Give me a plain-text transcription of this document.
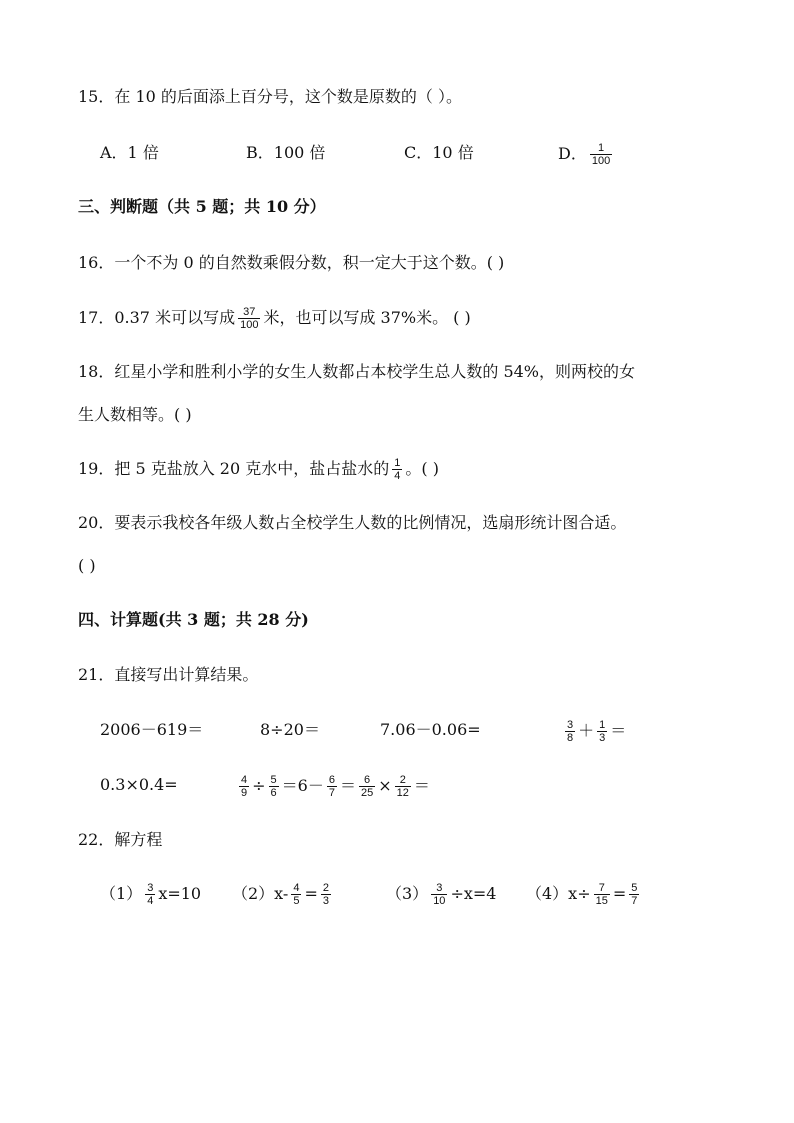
15．在 10 的后面添上百分号，这个数是原数的（ ）。
A．1 倍	B．100 倍	C．10 倍	D． $\frac{1}{100}$
三、判断题（共 5 题；共 10 分）
16．一个不为 0 的自然数乘假分数，积一定大于这个数。( )
17．0.37 米可以写成 $\frac{37}{100}$ 米，也可以写成 37%米。 ( )
18．红星小学和胜利小学的女生人数都占本校学生总人数的 54%，则两校的女
生人数相等。( )
19．把 5 克盐放入 20 克水中，盐占盐水的 $\frac{1}{4}$ 。( )
20．要表示我校各年级人数占全校学生人数的比例情况，选扇形统计图合适。
( )
四、计算题(共 3 题；共 28 分)
21．直接写出计算结果。
2006－619＝	8÷20＝	7.06－0.06=	$\frac{3}{8} + \frac{1}{3}$ ＝
0.3×0.4=	$\frac{4}{9} \div \frac{5}{6} =6- \frac{6}{7} = \frac{6}{25} \times \frac{2}{12}$ ＝
22．解方程
$(1) \frac{3}{4} x=10$ $(2)x- \frac{4}{5} = \frac{2}{3}$	$(3) \frac{3}{10} \div x=4$ $(4)x\div \frac{7}{15} = \frac{5}{7}$
